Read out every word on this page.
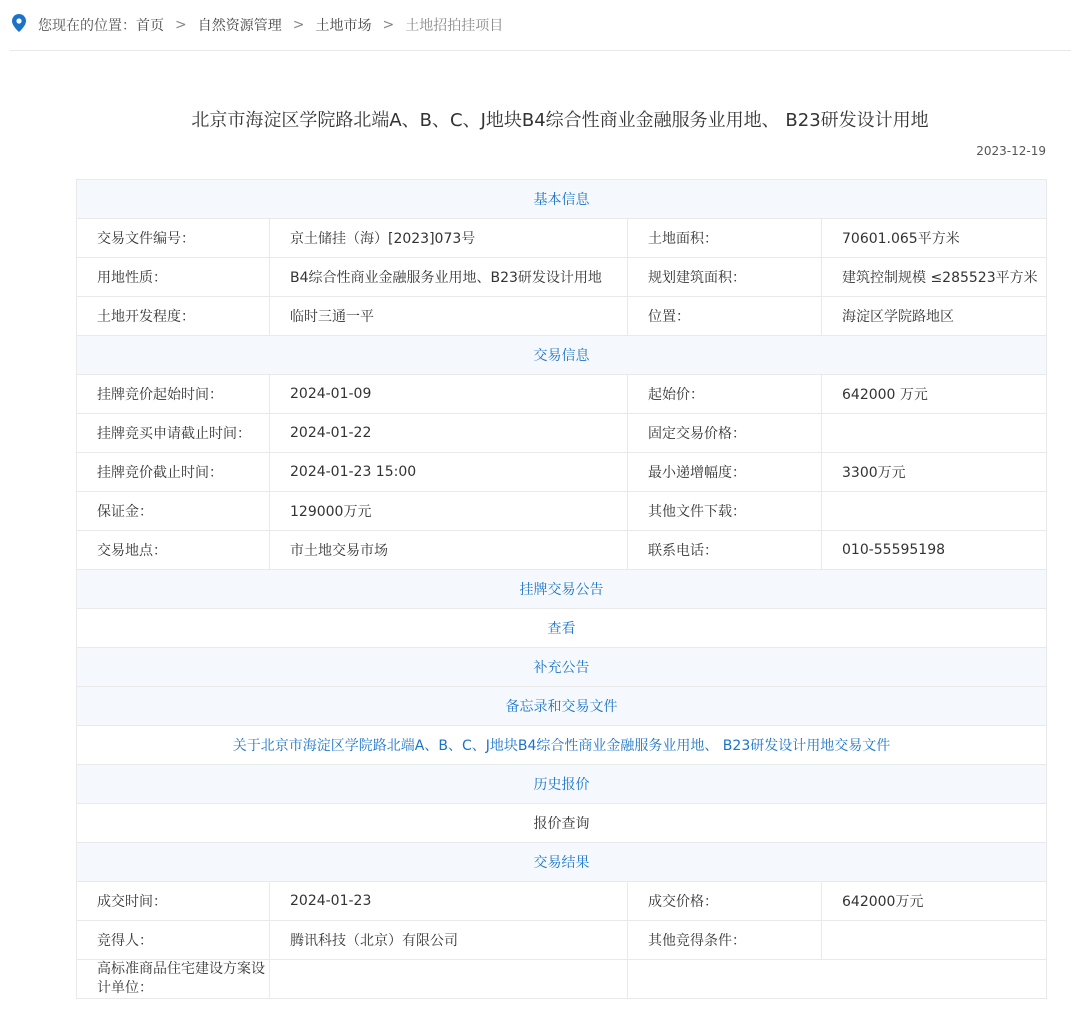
您现在的位置： 首页 > 自然资源管理 > 土地市场 > 土地招拍挂项目
北京市海淀区学院路北端A、B、C、J地块B4综合性商业金融服务业用地、 B23研发设计用地
2023-12-19
基本信息			
交易文件编号：	京土储挂（海）[2023]073号	土地面积：	70601.065平方米
用地性质：	B4综合性商业金融服务业用地、B23研发设计用地	规划建筑面积：	建筑控制规模 ≤285523平方米
土地开发程度：	临时三通一平	位置：	海淀区学院路地区
交易信息			
挂牌竞价起始时间：	2024-01-09	起始价：	642000 万元
挂牌竞买申请截止时间：	2024-01-22	固定交易价格：	
挂牌竞价截止时间：	2024-01-23 15:00	最小递增幅度：	3300万元
保证金：	129000万元	其他文件下载：	
交易地点：	市土地交易市场	联系电话：	010-55595198
挂牌交易公告			
查看			
补充公告			
备忘录和交易文件			
关于北京市海淀区学院路北端A、B、C、J地块B4综合性商业金融服务业用地、 B23研发设计用地交易文件			
历史报价			
报价查询			
交易结果			
成交时间：	2024-01-23	成交价格：	642000万元
竞得人：	腾讯科技（北京）有限公司	其他竞得条件：	
高标准商品住宅建设方案设计单位：			
